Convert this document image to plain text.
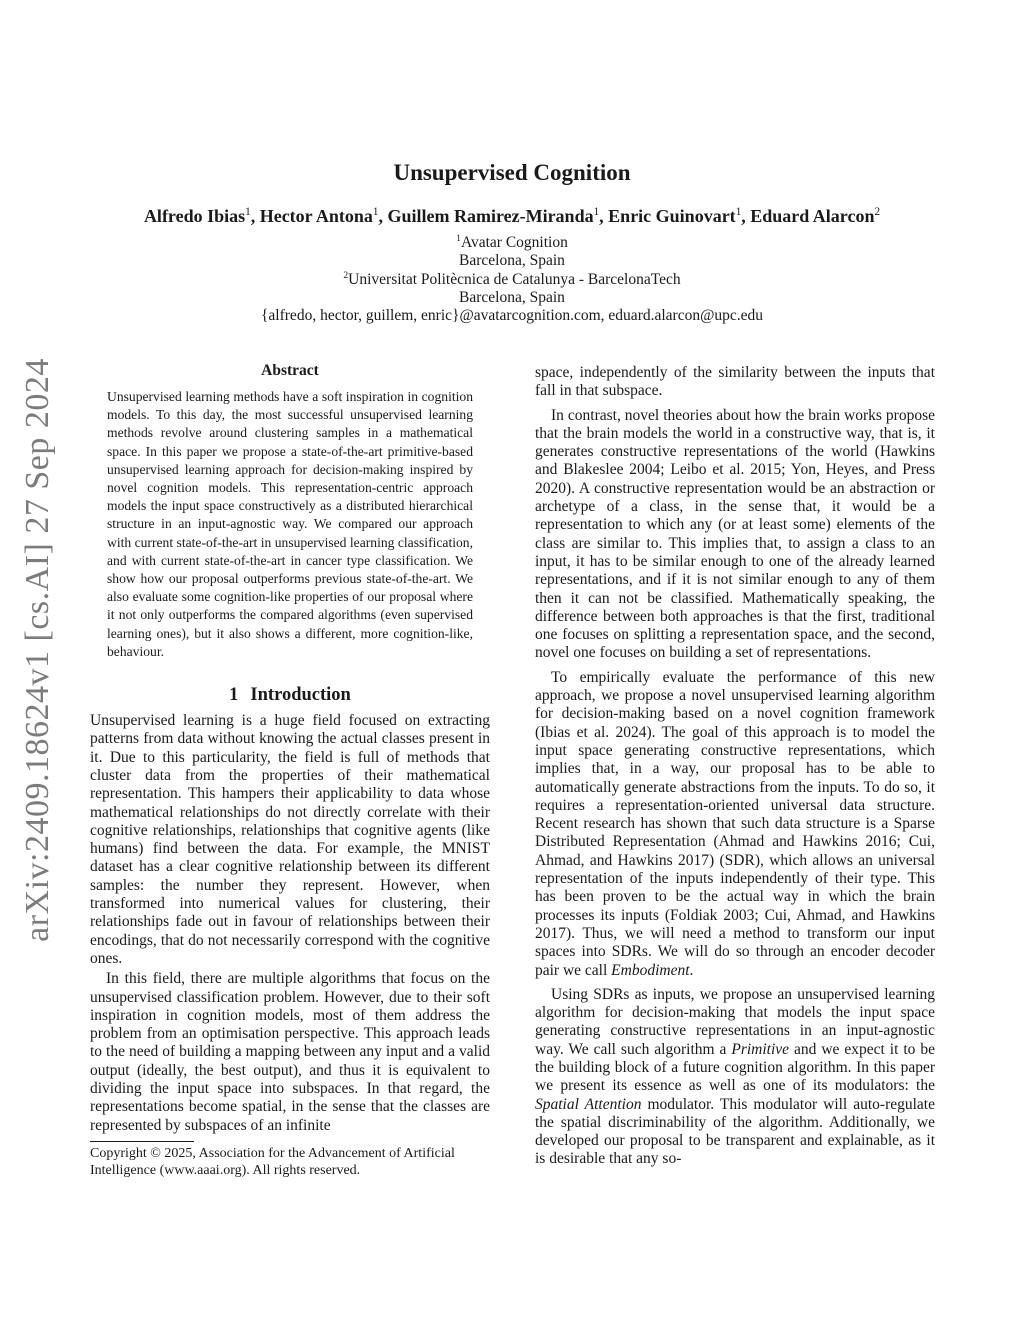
arXiv:2409.18624v1 [cs.AI] 27 Sep 2024
Unsupervised Cognition
Alfredo Ibias$^1$, Hector Antona$^1$, Guillem Ramirez-Miranda$^1$, Enric Guinovart$^1$, Eduard Alarcon$^2$
$^1$Avatar Cognition
Barcelona, Spain
$^2$Universitat Politècnica de Catalunya - BarcelonaTech
Barcelona, Spain
{alfredo, hector, guillem, enric}@avatarcognition.com, eduard.alarcon@upc.edu
Abstract

Unsupervised learning methods have a soft inspiration in cognition models. To this day, the most successful unsupervised learning methods revolve around clustering samples in a mathematical space. In this paper we propose a state-of-the-art primitive-based unsupervised learning approach for decision-making inspired by novel cognition models. This representation-centric approach models the input space constructively as a distributed hierarchical structure in an input-agnostic way. We compared our approach with current state-of-the-art in unsupervised learning classification, and with current state-of-the-art in cancer type classification. We show how our proposal outperforms previous state-of-the-art. We also evaluate some cognition-like properties of our proposal where it not only outperforms the compared algorithms (even supervised learning ones), but it also shows a different, more cognition-like, behaviour.

1 Introduction

Unsupervised learning is a huge field focused on extracting patterns from data without knowing the actual classes present in it. Due to this particularity, the field is full of methods that cluster data from the properties of their mathematical representation. This hampers their applicability to data whose mathematical relationships do not directly correlate with their cognitive relationships, relationships that cognitive agents (like humans) find between the data. For example, the MNIST dataset has a clear cognitive relationship between its different samples: the number they represent. However, when transformed into numerical values for clustering, their relationships fade out in favour of relationships between their encodings, that do not necessarily correspond with the cognitive ones.

In this field, there are multiple algorithms that focus on the unsupervised classification problem. However, due to their soft inspiration in cognition models, most of them address the problem from an optimisation perspective. This approach leads to the need of building a mapping between any input and a valid output (ideally, the best output), and thus it is equivalent to dividing the input space into subspaces. In that regard, the representations become spatial, in the sense that the classes are represented by subspaces of an infinite

Copyright © 2025, Association for the Advancement of Artificial Intelligence (www.aaai.org). All rights reserved.

space, independently of the similarity between the inputs that fall in that subspace.

In contrast, novel theories about how the brain works propose that the brain models the world in a constructive way, that is, it generates constructive representations of the world (Hawkins and Blakeslee 2004; Leibo et al. 2015; Yon, Heyes, and Press 2020). A constructive representation would be an abstraction or archetype of a class, in the sense that, it would be a representation to which any (or at least some) elements of the class are similar to. This implies that, to assign a class to an input, it has to be similar enough to one of the already learned representations, and if it is not similar enough to any of them then it can not be classified. Mathematically speaking, the difference between both approaches is that the first, traditional one focuses on splitting a representation space, and the second, novel one focuses on building a set of representations.

To empirically evaluate the performance of this new approach, we propose a novel unsupervised learning algorithm for decision-making based on a novel cognition framework (Ibias et al. 2024). The goal of this approach is to model the input space generating constructive representations, which implies that, in a way, our proposal has to be able to automatically generate abstractions from the inputs. To do so, it requires a representation-oriented universal data structure. Recent research has shown that such data structure is a Sparse Distributed Representation (Ahmad and Hawkins 2016; Cui, Ahmad, and Hawkins 2017) (SDR), which allows an universal representation of the inputs independently of their type. This has been proven to be the actual way in which the brain processes its inputs (Foldiak 2003; Cui, Ahmad, and Hawkins 2017). Thus, we will need a method to transform our input spaces into SDRs. We will do so through an encoder decoder pair we call Embodiment.

Using SDRs as inputs, we propose an unsupervised learning algorithm for decision-making that models the input space generating constructive representations in an input-agnostic way. We call such algorithm a Primitive and we expect it to be the building block of a future cognition algorithm. In this paper we present its essence as well as one of its modulators: the Spatial Attention modulator. This modulator will auto-regulate the spatial discriminability of the algorithm. Additionally, we developed our proposal to be transparent and explainable, as it is desirable that any so-
